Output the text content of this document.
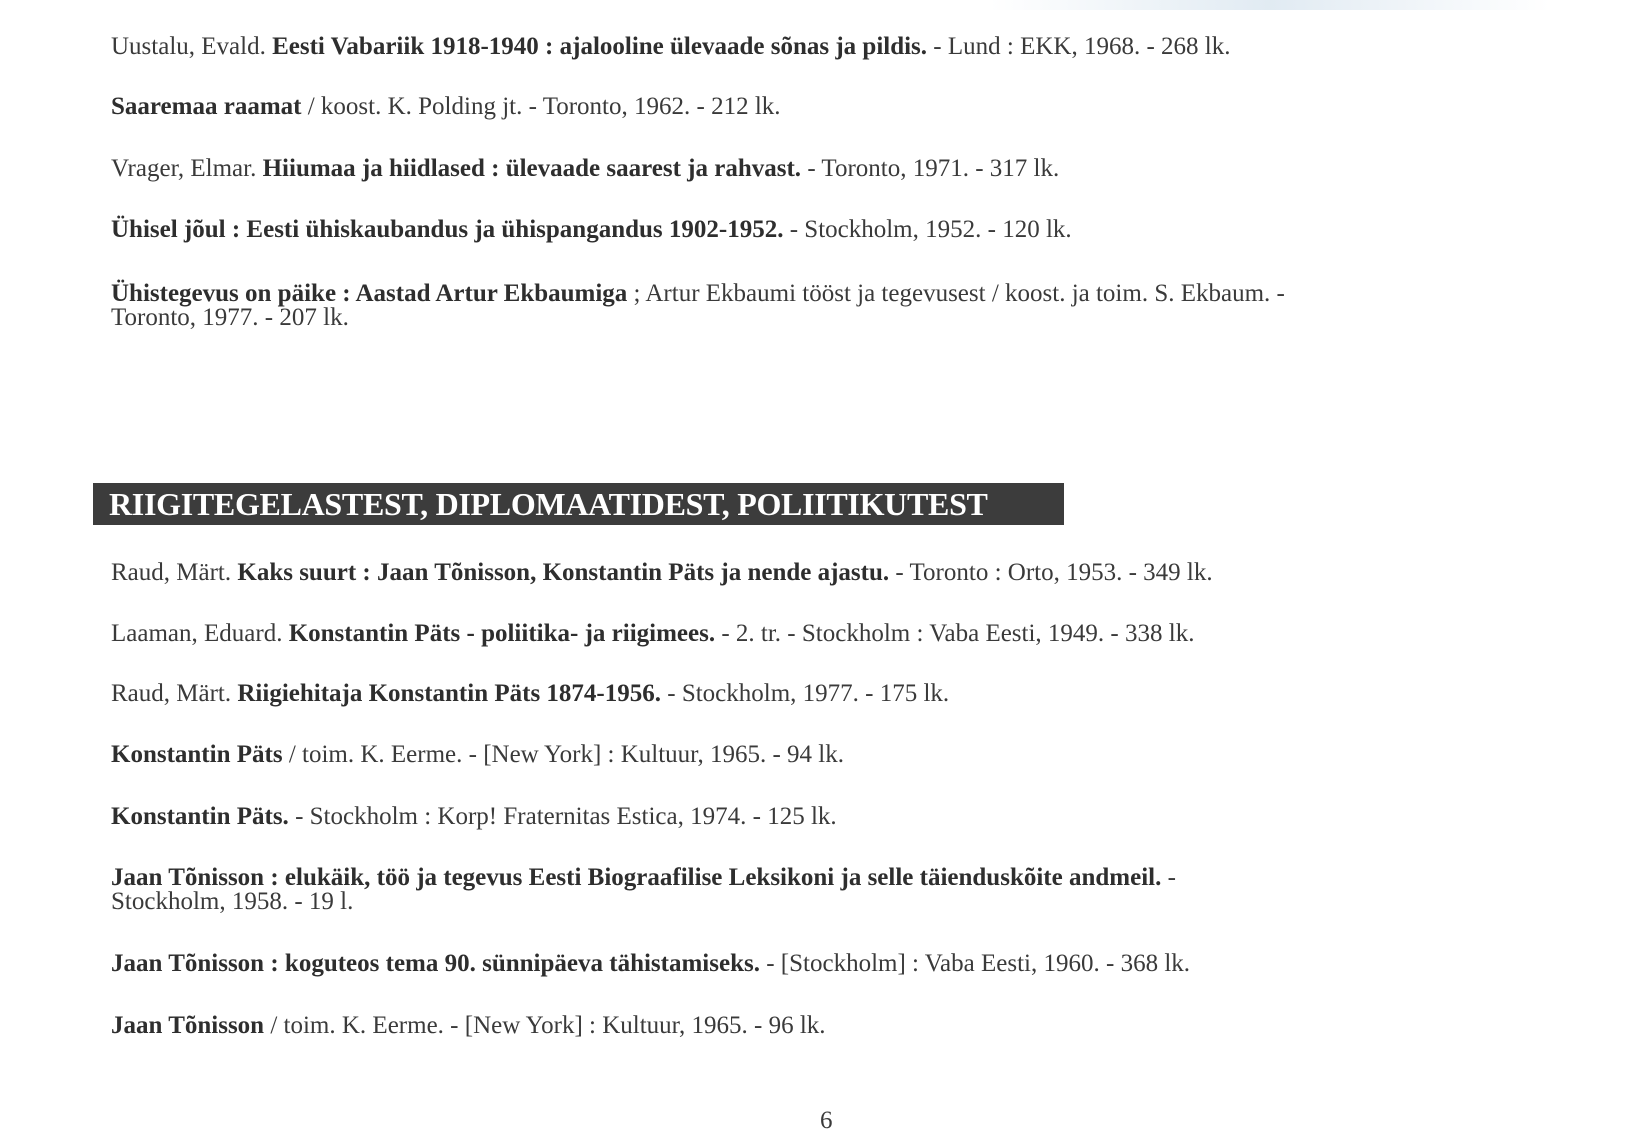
Uustalu, Evald. Eesti Vabariik 1918-1940 : ajalooline ülevaade sõnas ja pildis. - Lund : EKK, 1968. - 268 lk.
Saaremaa raamat / koost. K. Polding jt. - Toronto, 1962. - 212 lk.
Vrager, Elmar. Hiiumaa ja hiidlased : ülevaade saarest ja rahvast. - Toronto, 1971. - 317 lk.
Ühisel jõul : Eesti ühiskaubandus ja ühispangandus 1902-1952. - Stockholm, 1952. - 120 lk.
Ühistegevus on päike : Aastad Artur Ekbaumiga ; Artur Ekbaumi tööst ja tegevusest / koost. ja toim. S. Ekbaum. -
Toronto, 1977. - 207 lk.
RIIGITEGELASTEST, DIPLOMAATIDEST, POLIITIKUTEST
Raud, Märt. Kaks suurt : Jaan Tõnisson, Konstantin Päts ja nende ajastu. - Toronto : Orto, 1953. - 349 lk.
Laaman, Eduard. Konstantin Päts - poliitika- ja riigimees. - 2. tr. - Stockholm : Vaba Eesti, 1949. - 338 lk.
Raud, Märt. Riigiehitaja Konstantin Päts 1874-1956. - Stockholm, 1977. - 175 lk.
Konstantin Päts / toim. K. Eerme. - [New York] : Kultuur, 1965. - 94 lk.
Konstantin Päts. - Stockholm : Korp! Fraternitas Estica, 1974. - 125 lk.
Jaan Tõnisson : elukäik, töö ja tegevus Eesti Biograafilise Leksikoni ja selle täienduskõite andmeil. -
Stockholm, 1958. - 19 l.
Jaan Tõnisson : koguteos tema 90. sünnipäeva tähistamiseks. - [Stockholm] : Vaba Eesti, 1960. - 368 lk.
Jaan Tõnisson / toim. K. Eerme. - [New York] : Kultuur, 1965. - 96 lk.
6
